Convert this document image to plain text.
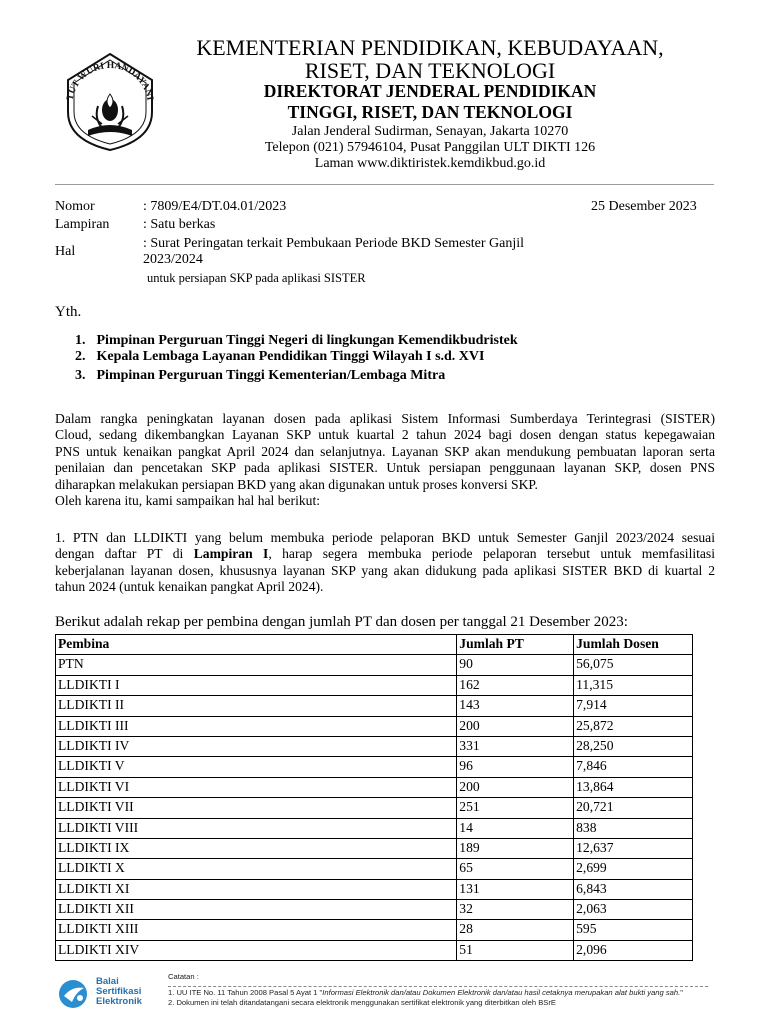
TUT WURI HANDAYANI
KEMENTERIAN PENDIDIKAN, KEBUDAYAAN,
RISET, DAN TEKNOLOGI
DIREKTORAT JENDERAL PENDIDIKAN
TINGGI, RISET, DAN TEKNOLOGI
Jalan Jenderal Sudirman, Senayan, Jakarta 10270
Telepon (021) 57946104, Pusat Panggilan ULT DIKTI 126
Laman www.diktiristek.kemdikbud.go.id
Nomor	: 7809/E4/DT.04.01/2023	25 Desember 2023
Lampiran : Satu berkas
Hal
: Surat Peringatan terkait Pembukaan Periode BKD Semester Ganjil 2023/2024
untuk persiapan SKP pada aplikasi SISTER
Yth.
1. Pimpinan Perguruan Tinggi Negeri di lingkungan Kemendikbudristek
2. Kepala Lembaga Layanan Pendidikan Tinggi Wilayah I s.d. XVI
3. Pimpinan Perguruan Tinggi Kementerian/Lembaga Mitra
Dalam rangka peningkatan layanan dosen pada aplikasi Sistem Informasi Sumberdaya Terintegrasi (SISTER)
Cloud, sedang dikembangkan Layanan SKP untuk kuartal 2 tahun 2024 bagi dosen dengan status kepegawaian
PNS untuk kenaikan pangkat April 2024 dan selanjutnya. Layanan SKP akan mendukung pembuatan laporan serta
penilaian dan pencetakan SKP pada aplikasi SISTER. Untuk persiapan penggunaan layanan SKP, dosen PNS
diharapkan melakukan persiapan BKD yang akan digunakan untuk proses konversi SKP.
Oleh karena itu, kami sampaikan hal hal berikut:
1. PTN dan LLDIKTI yang belum membuka periode pelaporan BKD untuk Semester Ganjil 2023/2024 sesuai
dengan daftar PT di Lampiran I, harap segera membuka periode pelaporan tersebut untuk memfasilitasi
keberjalanan layanan dosen, khususnya layanan SKP yang akan didukung pada aplikasi SISTER BKD di kuartal 2
tahun 2024 (untuk kenaikan pangkat April 2024).
Berikut adalah rekap per pembina dengan jumlah PT dan dosen per tanggal 21 Desember 2023:
Pembina	Jumlah PT	Jumlah Dosen
PTN	90	56,075
LLDIKTI I	162	11,315
LLDIKTI II	143	7,914
LLDIKTI III	200	25,872
LLDIKTI IV	331	28,250
LLDIKTI V	96	7,846
LLDIKTI VI	200	13,864
LLDIKTI VII	251	20,721
LLDIKTI VIII	14	838
LLDIKTI IX	189	12,637
LLDIKTI X	65	2,699
LLDIKTI XI	131	6,843
LLDIKTI XII	32	2,063
LLDIKTI XIII	28	595
LLDIKTI XIV	51	2,096
Balai
Sertifikasi
Elektronik
Catatan :
1. UU ITE No. 11 Tahun 2008 Pasal 5 Ayat 1 "Informasi Elektronik dan/atau Dokumen Elektronik dan/atau hasil cetaknya merupakan alat bukti yang sah."
2. Dokumen ini telah ditandatangani secara elektronik menggunakan sertifikat elektronik yang diterbitkan oleh BSrE
